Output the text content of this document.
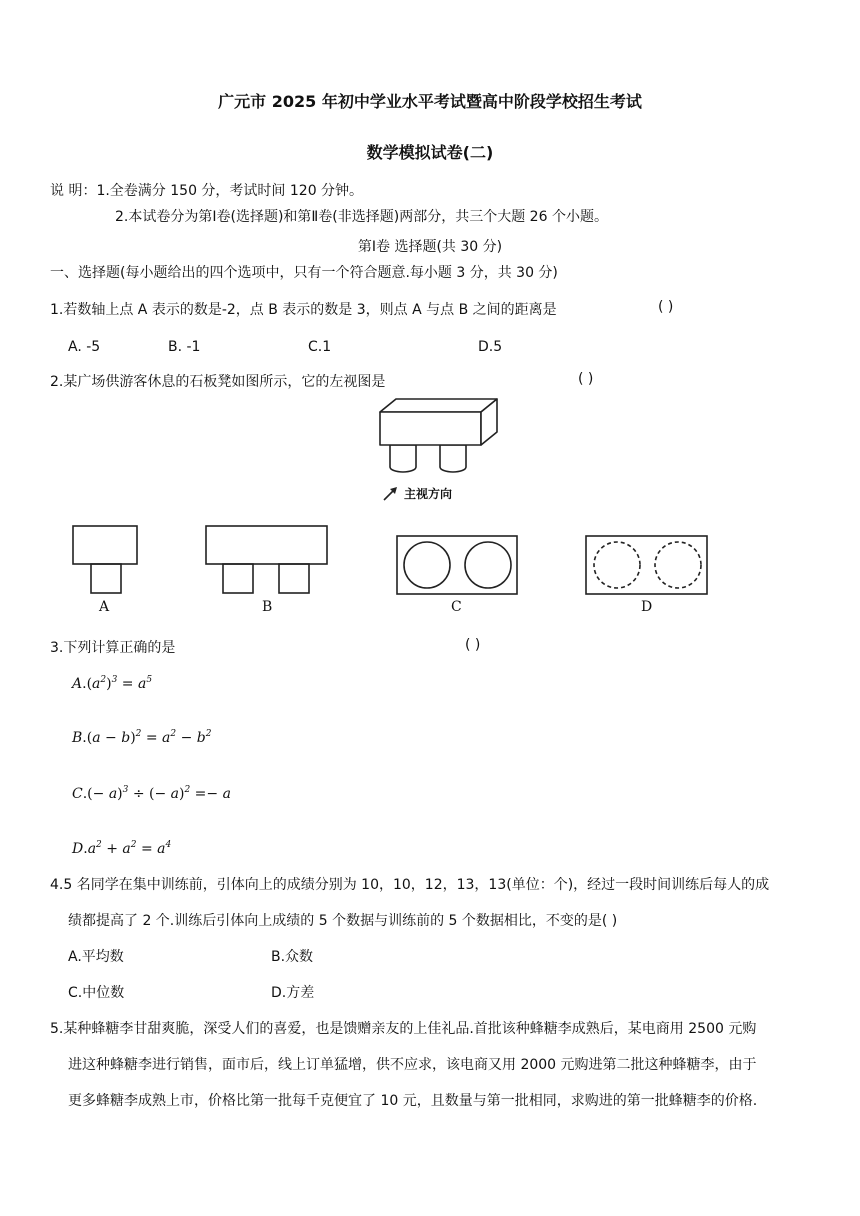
广元市 2025 年初中学业水平考试暨高中阶段学校招生考试
数学模拟试卷(二)
说 明：1.全卷满分 150 分，考试时间 120 分钟。
2.本试卷分为第Ⅰ卷(选择题)和第Ⅱ卷(非选择题)两部分，共三个大题 26 个小题。
第Ⅰ卷 选择题(共 30 分)
一、选择题(每小题给出的四个选项中，只有一个符合题意.每小题 3 分，共 30 分)
1.若数轴上点 A 表示的数是-2，点 B 表示的数是 3，则点 A 与点 B 之间的距离是	( )
A. -5	B. -1	C.1	D.5
2.某广场供游客休息的石板凳如图所示，它的左视图是	( )
主视方向
A	B	C	D
3.下列计算正确的是	( )
$A.(a^2)^3 = a^5$
$B.(a - b)^2 = a^2 - b^2$
$C.(- a)^3$ ÷ (− a)$^2$ =− a
$D.a^2 + a^2 = a^4$
4.5 名同学在集中训练前，引体向上的成绩分别为 10，10，12，13，13(单位：个)，经过一段时间训练后每人的成
绩都提高了 2 个.训练后引体向上成绩的 5 个数据与训练前的 5 个数据相比，不变的是( )
A.平均数	B.众数
C.中位数	D.方差
5.某种蜂糖李甘甜爽脆，深受人们的喜爱，也是馈赠亲友的上佳礼品.首批该种蜂糖李成熟后，某电商用 2500 元购
进这种蜂糖李进行销售，面市后，线上订单猛增，供不应求，该电商又用 2000 元购进第二批这种蜂糖李，由于
更多蜂糖李成熟上市，价格比第一批每千克便宜了 10 元，且数量与第一批相同，求购进的第一批蜂糖李的价格.
